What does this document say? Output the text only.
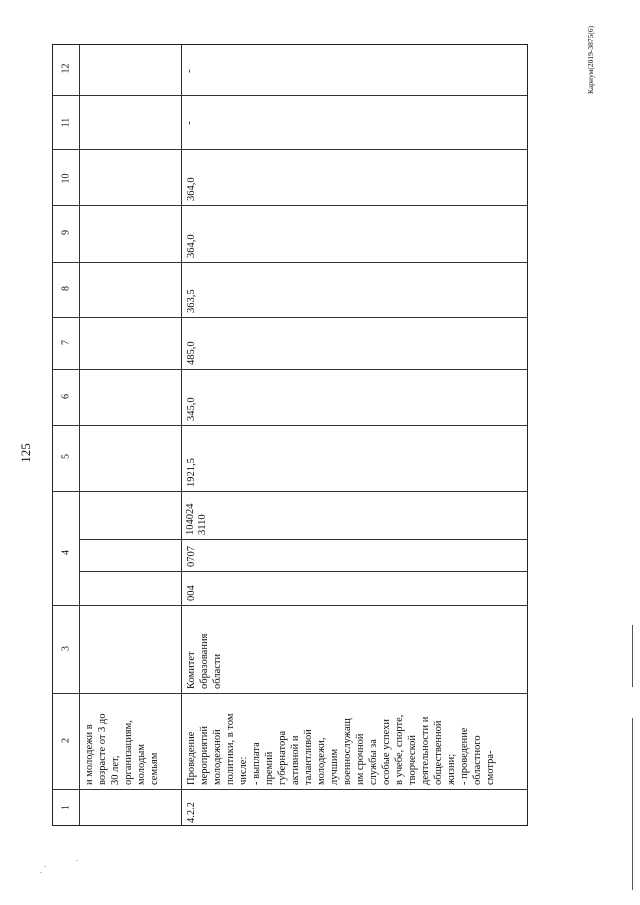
125
Кариум(2019-3875(6)
1
2
3
4
5
6
7
8
9
10
11
12
и молодежи в возрасте от 3 до 30 лет, организациям, молодым семьям
4.2.2
Проведение мероприятий молодежной политики, в том числе: - выплата премий губернатора активной и талантливой молодежи, лучшим военнослужащ им срочной службы за особые успехи в учебе, спорте, творческой деятельности и общественной жизни; - проведение областного смотра-
Комитет образования области
004
0707
104024 3110
1921,5
345,0
485,0
363,5
364,0
364,0
-
-
